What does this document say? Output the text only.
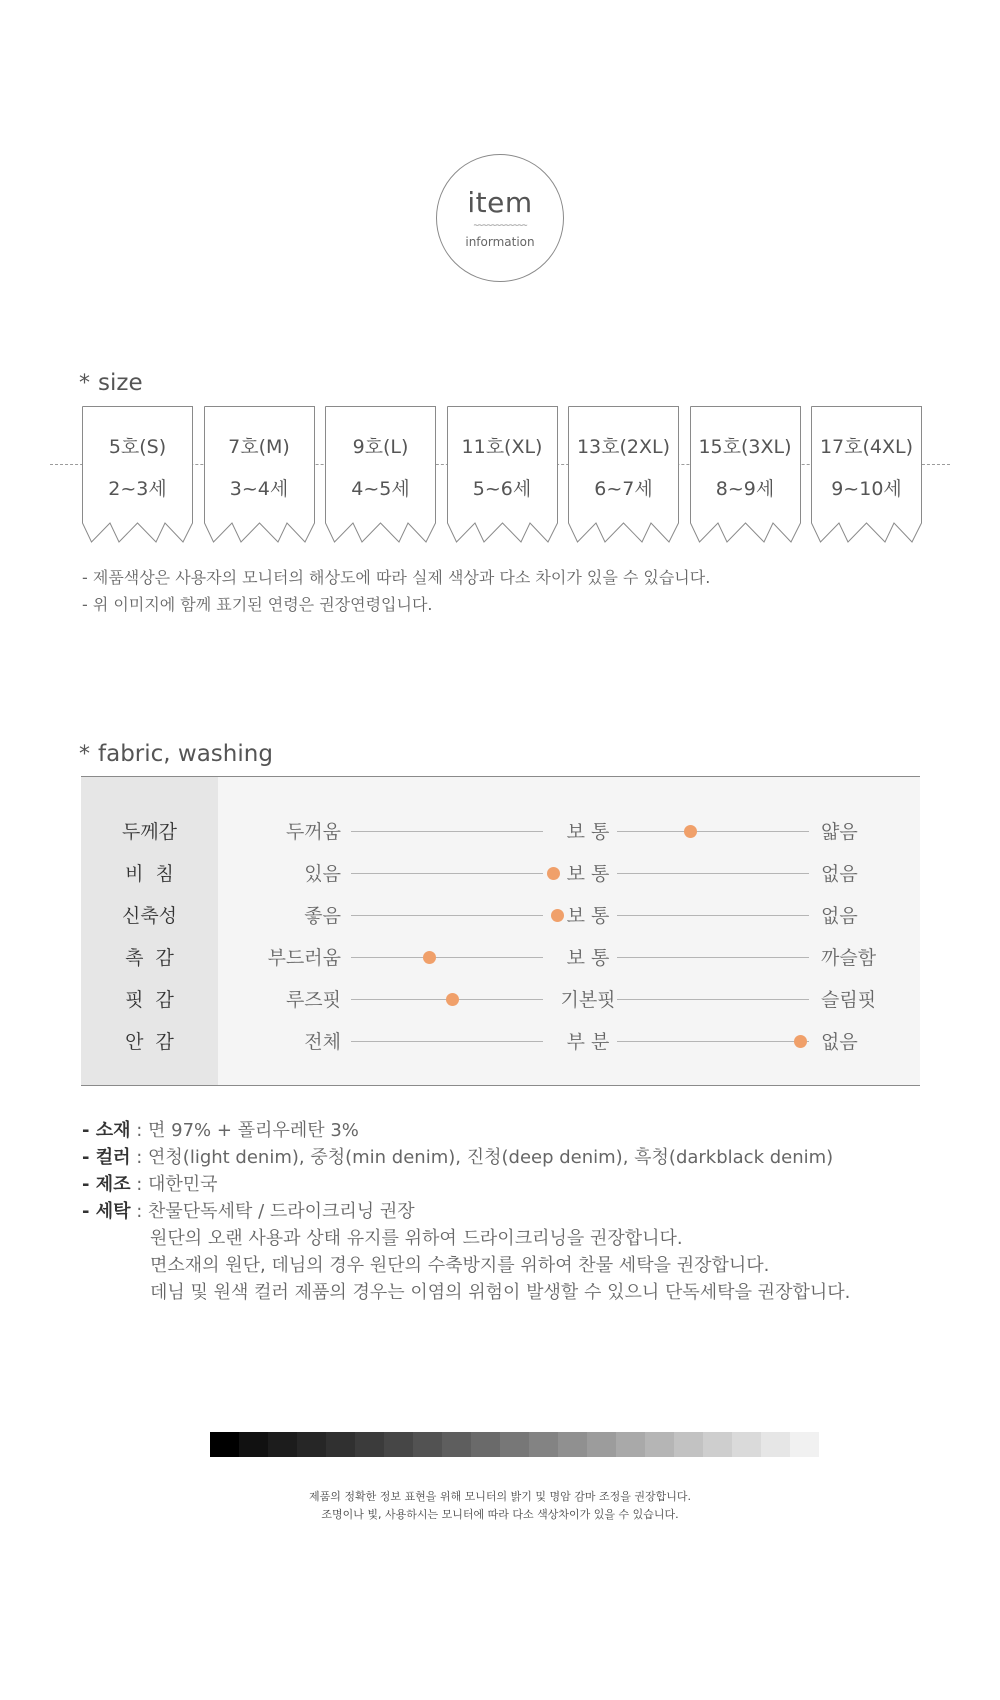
item
~~~~~~~~~~~~
information
* size
5호(S)
2~3세
7호(M)
3~4세
9호(L)
4~5세
11호(XL)
5~6세
13호(2XL)
6~7세
15호(3XL)
8~9세
17호(4XL)
9~10세
- 제품색상은 사용자의 모니터의 해상도에 따라 실제 색상과 다소 차이가 있을 수 있습니다.
- 위 이미지에 함께 표기된 연령은 권장연령입니다.
* fabric, washing
두께감	두꺼움	보 통	얇음
비  침	있음	보 통	없음
신축성	좋음	보 통	없음
촉  감	부드러움	보 통	까슬함
핏  감	루즈핏	기본핏	슬림핏
안  감	전체	부 분	없음
- 소재 : 면 97% + 폴리우레탄 3%
- 컬러 : 연청(light denim), 중청(min denim), 진청(deep denim), 흑청(darkblack denim)
- 제조 : 대한민국
- 세탁 : 찬물단독세탁 / 드라이크리닝 권장
원단의 오랜 사용과 상태 유지를 위하여 드라이크리닝을 권장합니다.
면소재의 원단, 데님의 경우 원단의 수축방지를 위하여 찬물 세탁을 권장합니다.
데님 및 원색 컬러 제품의 경우는 이염의 위험이 발생할 수 있으니 단독세탁을 권장합니다.
제품의 정확한 정보 표현을 위해 모니터의 밝기 및 명암 감마 조정을 권장합니다.
조명이나 빛, 사용하시는 모니터에 따라 다소 색상차이가 있을 수 있습니다.
